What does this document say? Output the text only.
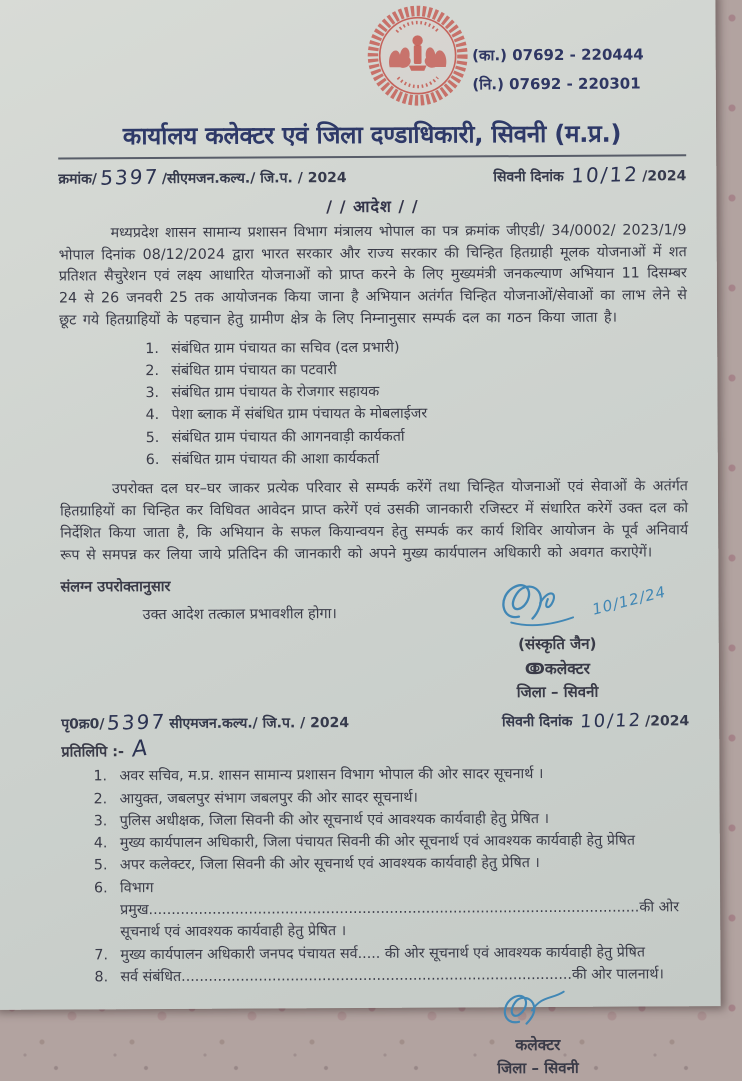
(का.) 07692 - 220444
(नि.) 07692 - 220301
कार्यालय कलेक्टर एवं जिला दण्डाधिकारी, सिवनी (म.प्र.)
क्रमांक/ 5397 /सीएमजन.कल्य./ जि.प. / 2024	सिवनी दिनांक 10/12 /2024
/ / आदेश / /
मध्यप्रदेश शासन सामान्य प्रशासन विभाग मंत्रालय भोपाल का पत्र क्रमांक जीएडी/ 34/0002/ 2023/1/9 भोपाल दिनांक 08/12/2024 द्वारा भारत सरकार और राज्य सरकार की चिन्हित हितग्राही मूलक योजनाओं में शत प्रतिशत सैचुरेशन एवं लक्ष्य आधारित योजनाओं को प्राप्त करने के लिए मुख्यमंत्री जनकल्याण अभियान 11 दिसम्बर 24 से 26 जनवरी 25 तक आयोजनक किया जाना है अभियान अतंर्गत चिन्हित योजनाओं/सेवाओं का लाभ लेने से छूट गये हितग्राहियों के पहचान हेतु ग्रामीण क्षेत्र के लिए निम्नानुसार सम्पर्क दल का गठन किया जाता है।
1. संबंधित ग्राम पंचायत का सचिव (दल प्रभारी)
2. संबंधित ग्राम पंचायत का पटवारी
3. संबंधित ग्राम पंचायत के रोजगार सहायक
4. पेशा ब्लाक में संबंधित ग्राम पंचायत के मोबलाईजर
5. संबंधित ग्राम पंचायत की आगनवाड़ी कार्यकर्ता
6. संबंधित ग्राम पंचायत की आशा कार्यकर्ता
उपरोक्त दल घर–घर जाकर प्रत्येक परिवार से सम्पर्क करेंगें तथा चिन्हित योजनाओं एवं सेवाओं के अतंर्गत हितग्राहियों का चिन्हित कर विधिवत आवेदन प्राप्त करेगें एवं उसकी जानकारी रजिस्टर में संधारित करेगें उक्त दल को निर्देशित किया जाता है, कि अभियान के सफल कियान्वयन हेतु सम्पर्क कर कार्य शिविर आयोजन के पूर्व अनिवार्य रूप से समपन्न कर लिया जाये प्रतिदिन की जानकारी को अपने मुख्य कार्यपालन अधिकारी को अवगत कराऐगें।
संलग्न उपरोक्तानुसार
उक्त आदेश तत्काल प्रभावशील होगा।	10/12/24
(संस्कृति जैन)
ↂ​कलेक्टर
जिला – सिवनी
पृ0क्र0/ 5397 सीएमजन.कल्य./ जि.प. / 2024	सिवनी दिनांक 10/12 /2024
प्रतिलिपि :- A
1. अवर सचिव, म.प्र. शासन सामान्य प्रशासन विभाग भोपाल की ओर सादर सूचनार्थ ।
2. आयुक्त, जबलपुर संभाग जबलपुर की ओर सादर सूचनार्थ।
3. पुलिस अधीक्षक, जिला सिवनी की ओर सूचनार्थ एवं आवश्यक कार्यवाही हेतु प्रेषित ।
4. मुख्य कार्यपालन अधिकारी, जिला पंचायत सिवनी की ओर सूचनार्थ एवं आवश्यक कार्यवाही हेतु प्रेषित
5. अपर कलेक्टर, जिला सिवनी की ओर सूचनार्थ एवं आवश्यक कार्यवाही हेतु प्रेषित ।
6. विभाग प्रमुख............................................................................................................की ओर सूचनार्थ एवं आवश्यक कार्यवाही हेतु प्रेषित ।
7. मुख्य कार्यपालन अधिकारी जनपद पंचायत सर्व..... की ओर सूचनार्थ एवं आवश्यक कार्यवाही हेतु प्रेषित
8. सर्व संबंधित......................................................................................की ओर पालनार्थ।
कलेक्टर
जिला – सिवनी
